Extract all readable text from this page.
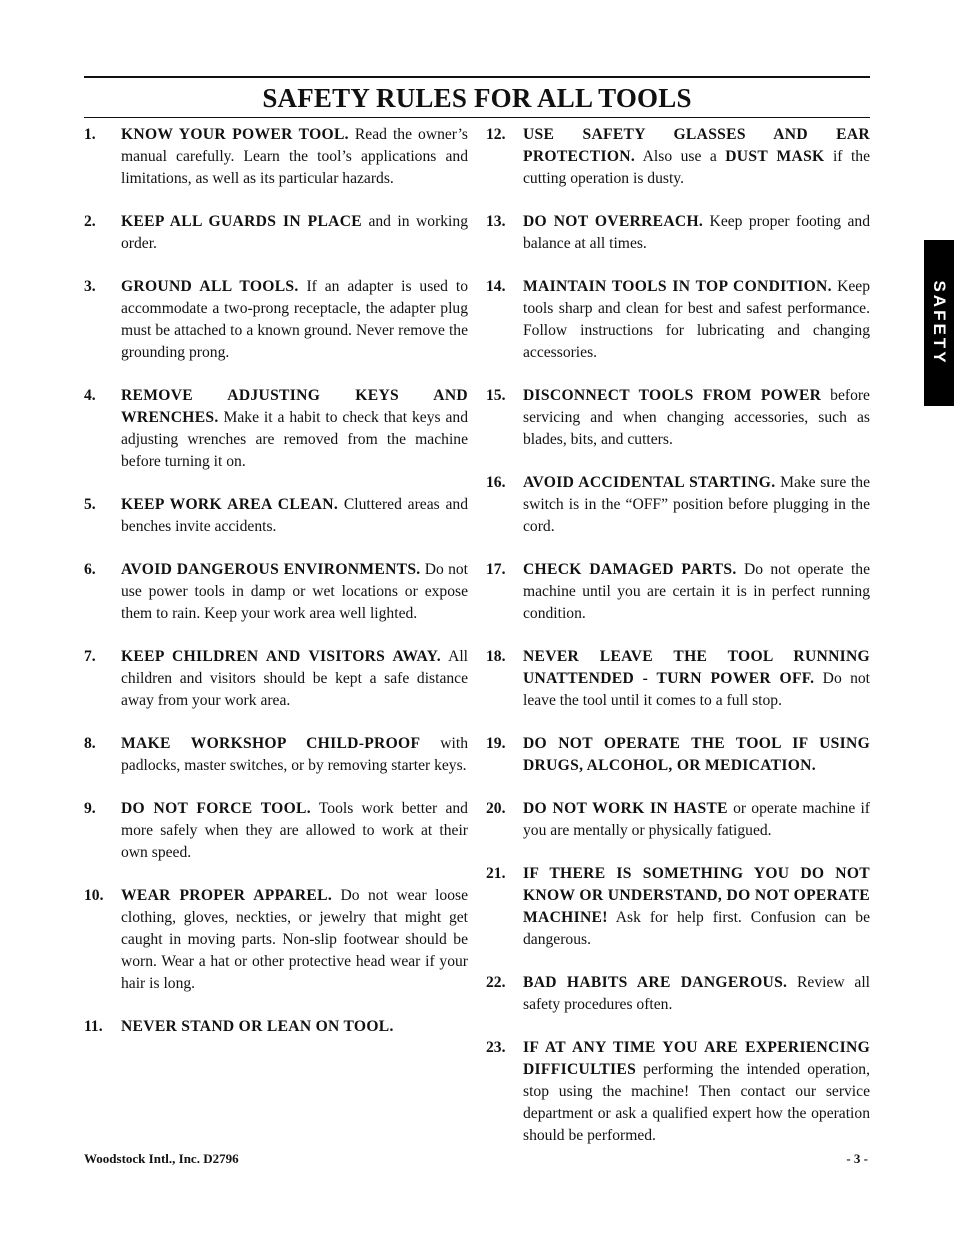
SAFETY RULES FOR ALL TOOLS
1. KNOW YOUR POWER TOOL. Read the owner’s manual carefully. Learn the tool’s applications and limitations, as well as its particular hazards.
2. KEEP ALL GUARDS IN PLACE and in working order.
3. GROUND ALL TOOLS. If an adapter is used to accommodate a two-prong receptacle, the adapter plug must be attached to a known ground. Never remove the grounding prong.
4. REMOVE ADJUSTING KEYS AND WRENCHES. Make it a habit to check that keys and adjusting wrenches are removed from the machine before turning it on.
5. KEEP WORK AREA CLEAN. Cluttered areas and benches invite accidents.
6. AVOID DANGEROUS ENVIRONMENTS. Do not use power tools in damp or wet locations or expose them to rain. Keep your work area well lighted.
7. KEEP CHILDREN AND VISITORS AWAY. All children and visitors should be kept a safe distance away from your work area.
8. MAKE WORKSHOP CHILD-PROOF with padlocks, master switches, or by removing starter keys.
9. DO NOT FORCE TOOL. Tools work better and more safely when they are allowed to work at their own speed.
10. WEAR PROPER APPAREL. Do not wear loose clothing, gloves, neckties, or jewelry that might get caught in moving parts. Non-slip footwear should be worn. Wear a hat or other protective head wear if your hair is long.
11. NEVER STAND OR LEAN ON TOOL.
12. USE SAFETY GLASSES AND EAR PROTECTION. Also use a DUST MASK if the cutting operation is dusty.
13. DO NOT OVERREACH. Keep proper footing and balance at all times.
14. MAINTAIN TOOLS IN TOP CONDITION. Keep tools sharp and clean for best and safest performance. Follow instructions for lubricating and changing accessories.
15. DISCONNECT TOOLS FROM POWER before servicing and when changing accessories, such as blades, bits, and cutters.
16. AVOID ACCIDENTAL STARTING. Make sure the switch is in the “OFF” position before plugging in the cord.
17. CHECK DAMAGED PARTS. Do not operate the machine until you are certain it is in perfect running condition.
18. NEVER LEAVE THE TOOL RUNNING UNATTENDED - TURN POWER OFF. Do not leave the tool until it comes to a full stop.
19. DO NOT OPERATE THE TOOL IF USING DRUGS, ALCOHOL, OR MEDICATION.
20. DO NOT WORK IN HASTE or operate machine if you are mentally or physically fatigued.
21. IF THERE IS SOMETHING YOU DO NOT KNOW OR UNDERSTAND, DO NOT OPERATE MACHINE! Ask for help first. Confusion can be dangerous.
22. BAD HABITS ARE DANGEROUS. Review all safety procedures often.
23. IF AT ANY TIME YOU ARE EXPERIENCING DIFFICULTIES performing the intended operation, stop using the machine! Then contact our service department or ask a qualified expert how the operation should be performed.
SAFETY
Woodstock Intl., Inc. D2796	- 3 -
